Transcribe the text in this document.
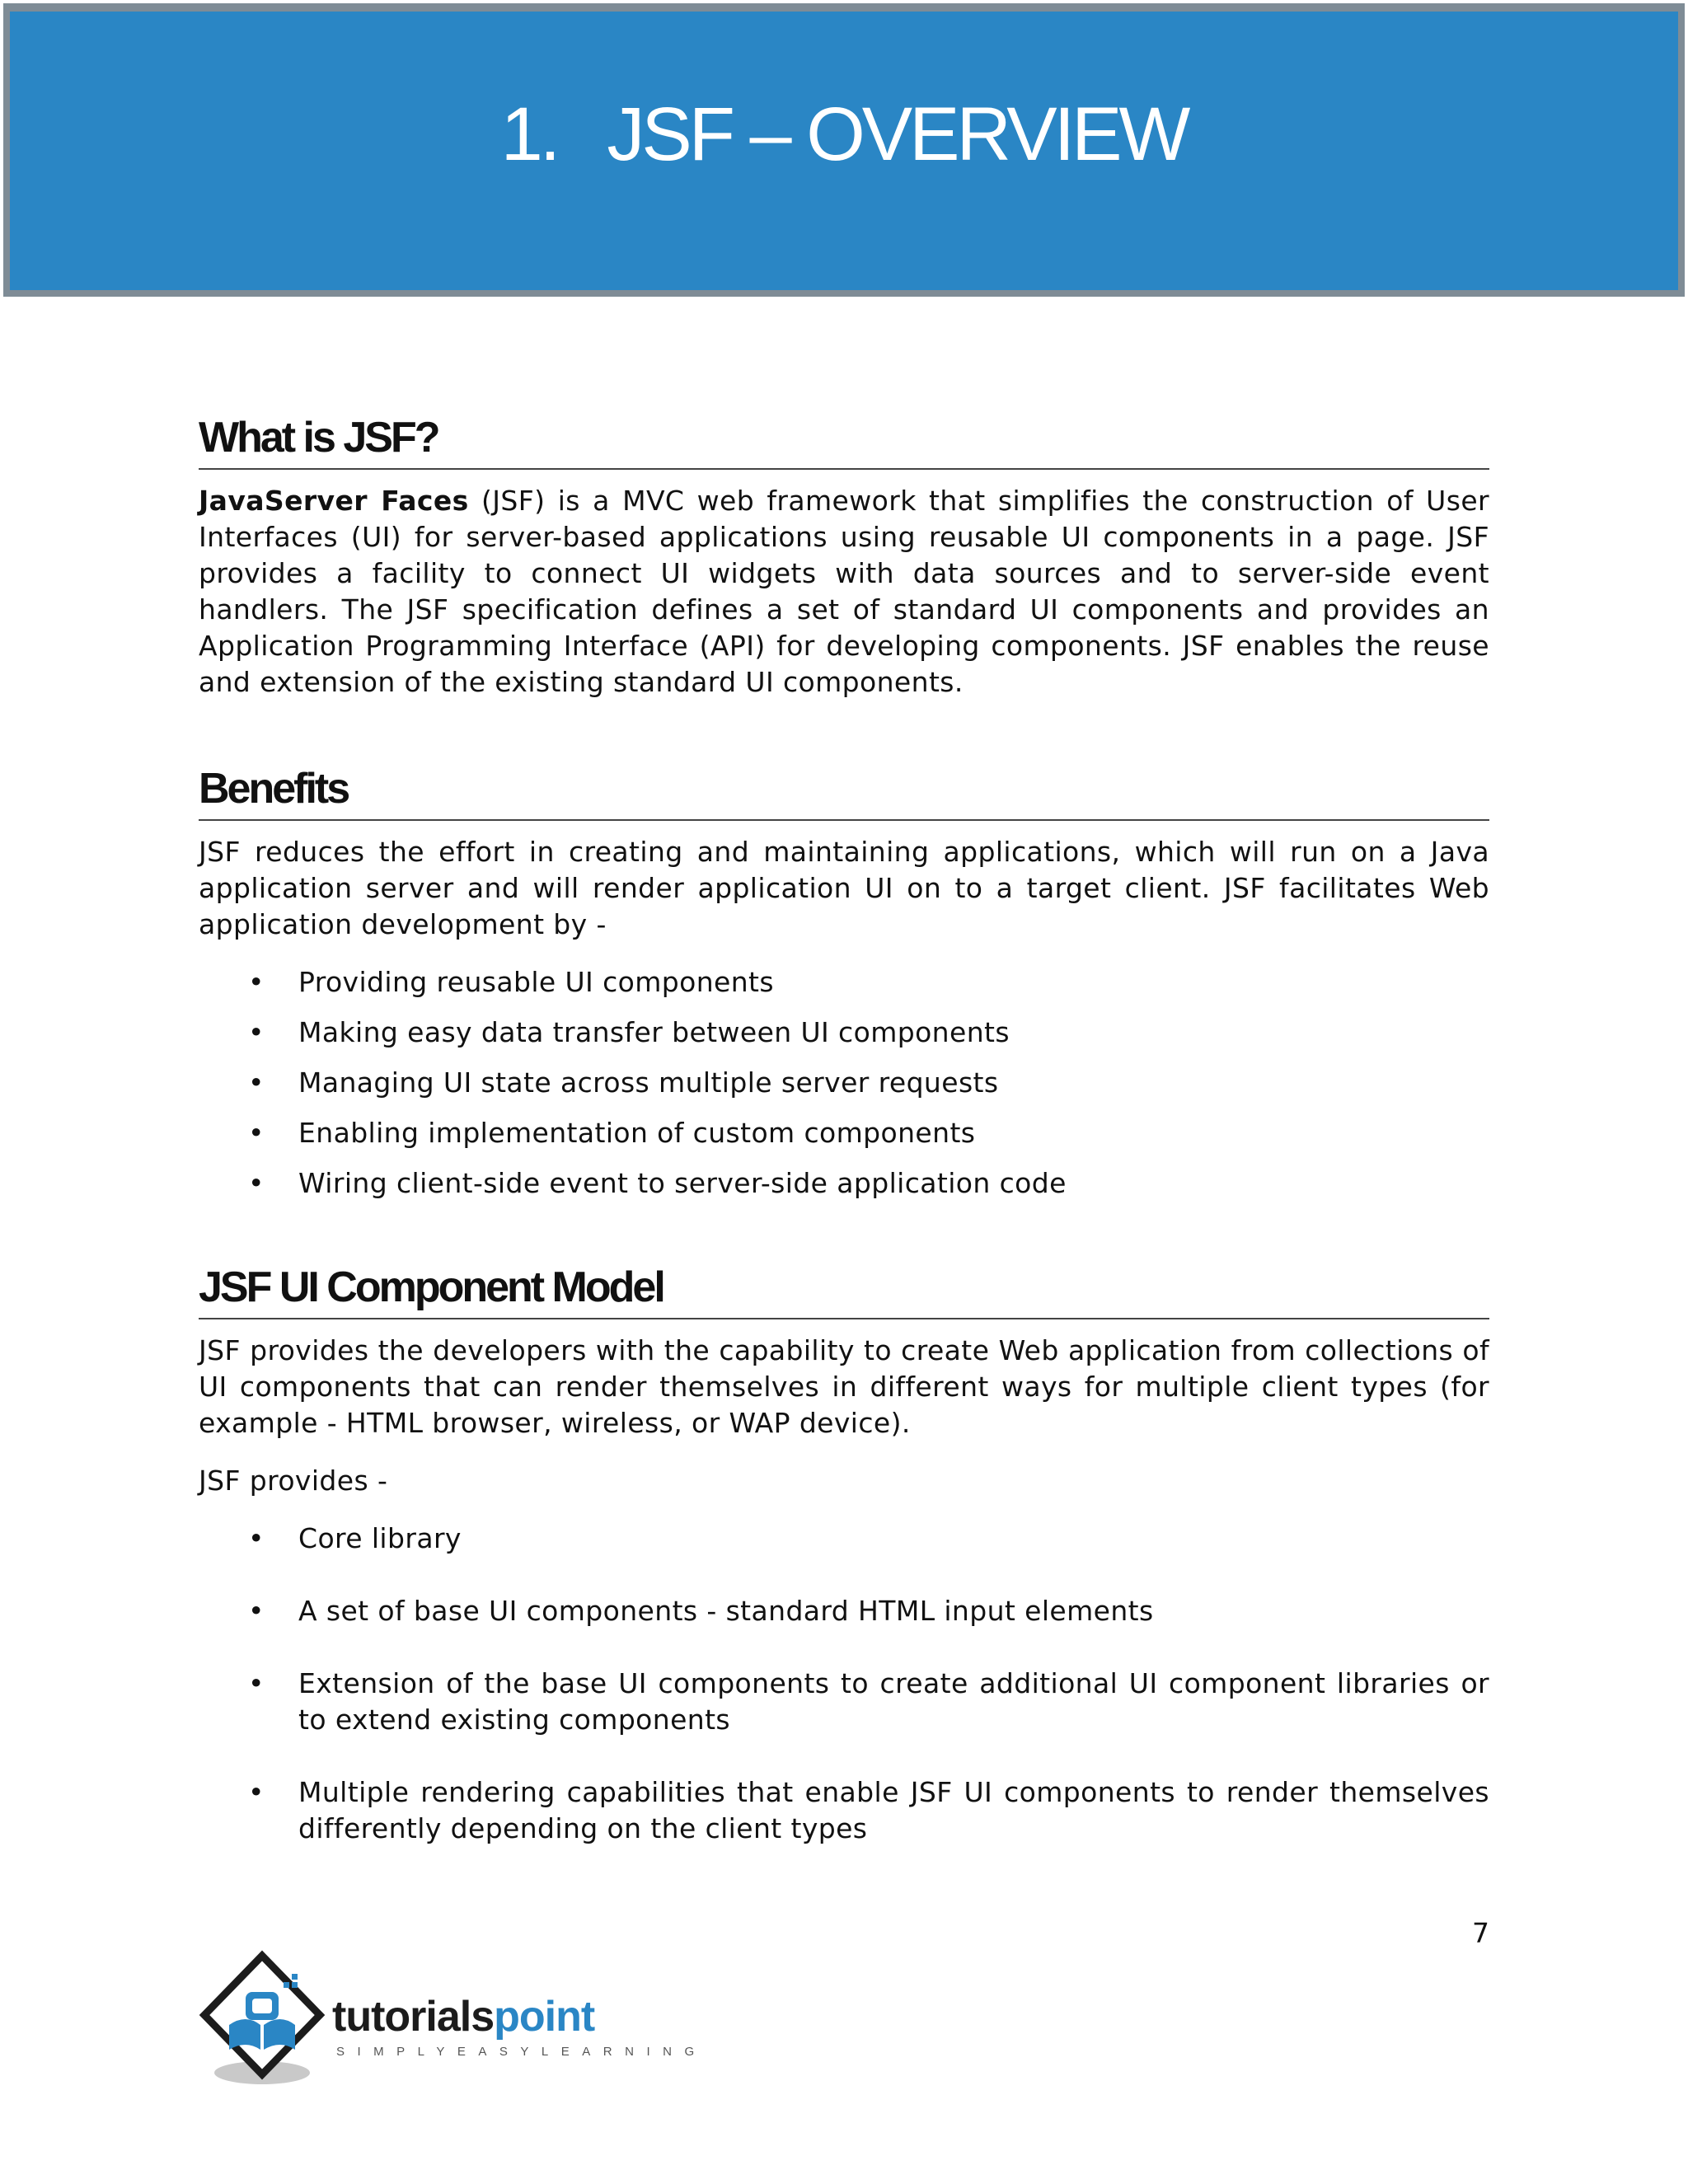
1. JSF – OVERVIEW
What is JSF?

JavaServer Faces (JSF) is a MVC web framework that simplifies the construction of User Interfaces (UI) for server-based applications using reusable UI components in a page. JSF provides a facility to connect UI widgets with data sources and to server-side event handlers. The JSF specification defines a set of standard UI components and provides an Application Programming Interface (API) for developing components. JSF enables the reuse and extension of the existing standard UI components.

Benefits

JSF reduces the effort in creating and maintaining applications, which will run on a Java application server and will render application UI on to a target client. JSF facilitates Web application development by -

• Providing reusable UI components
• Making easy data transfer between UI components
• Managing UI state across multiple server requests
• Enabling implementation of custom components
• Wiring client-side event to server-side application code
JSF UI Component Model

JSF provides the developers with the capability to create Web application from collections of UI components that can render themselves in different ways for multiple client types (for example - HTML browser, wireless, or WAP device).

JSF provides -

• Core library
• A set of base UI components - standard HTML input elements
• Extension of the base UI components to create additional UI component libraries or to extend existing components
• Multiple rendering capabilities that enable JSF UI components to render themselves differently depending on the client types
7
tutorialspoint
SIMPLYEASYLEARNING
